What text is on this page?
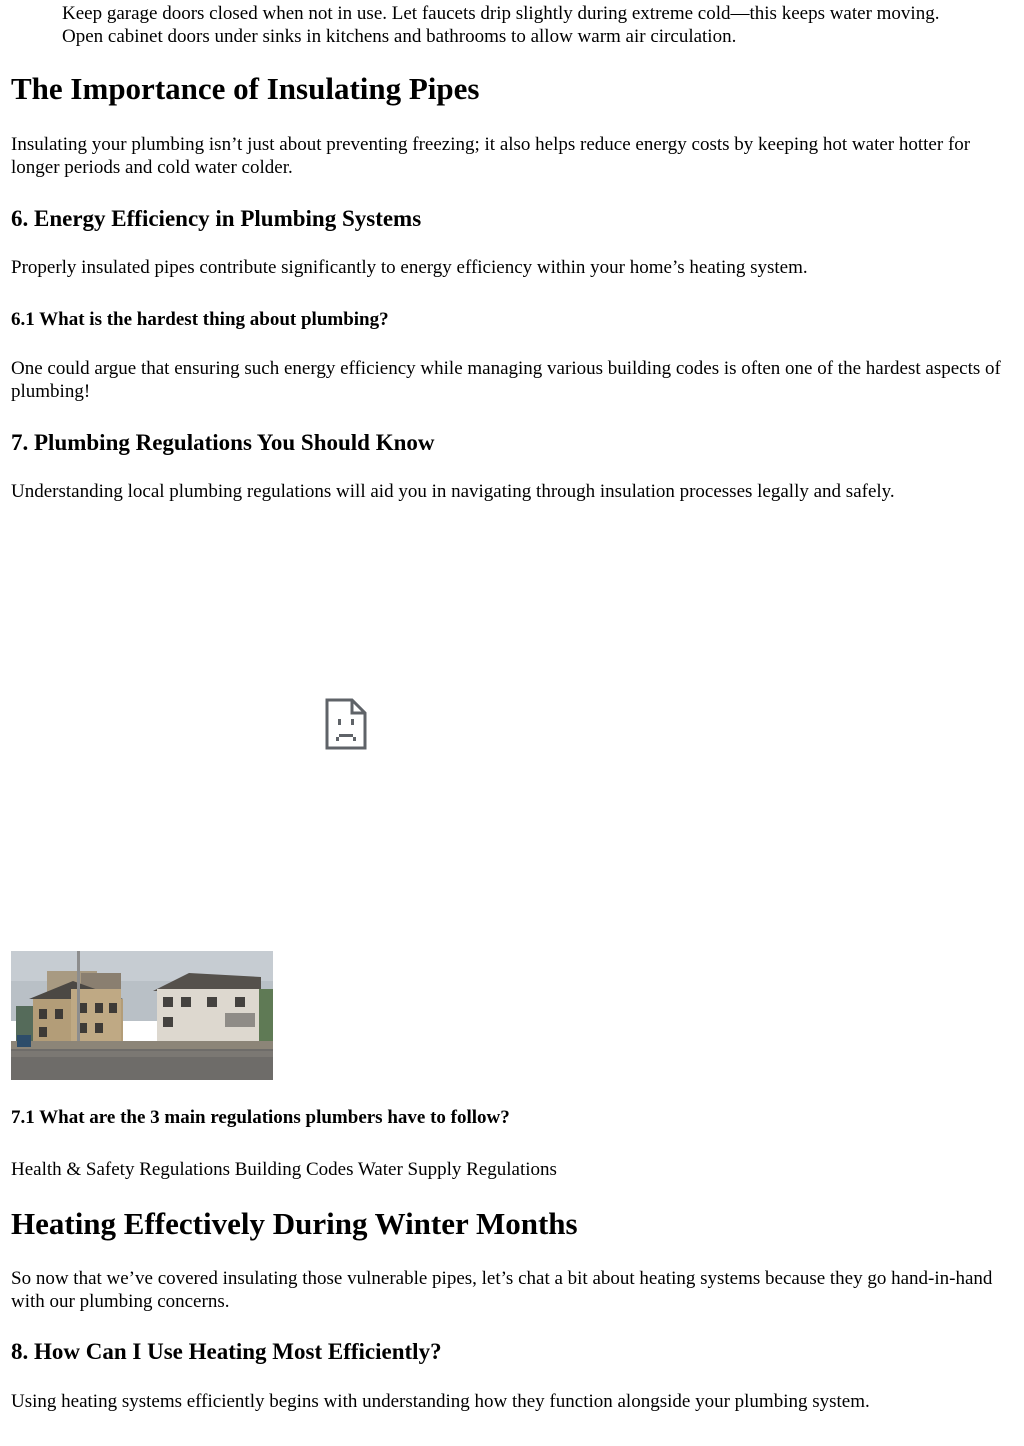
Keep garage doors closed when not in use. Let faucets drip slightly during extreme cold—this keeps water moving. Open cabinet doors under sinks in kitchens and bathrooms to allow warm air circulation.

The Importance of Insulating Pipes

Insulating your plumbing isn’t just about preventing freezing; it also helps reduce energy costs by keeping hot water hotter for longer periods and cold water colder.

6. Energy Efficiency in Plumbing Systems

Properly insulated pipes contribute significantly to energy efficiency within your home’s heating system.

6.1 What is the hardest thing about plumbing?

One could argue that ensuring such energy efficiency while managing various building codes is often one of the hardest aspects of plumbing!

7. Plumbing Regulations You Should Know

Understanding local plumbing regulations will aid you in navigating through insulation processes legally and safely.

7.1 What are the 3 main regulations plumbers have to follow?

Health & Safety Regulations Building Codes Water Supply Regulations

Heating Effectively During Winter Months

So now that we’ve covered insulating those vulnerable pipes, let’s chat a bit about heating systems because they go hand-in-hand with our plumbing concerns.

8. How Can I Use Heating Most Efficiently?

Using heating systems efficiently begins with understanding how they function alongside your plumbing system.
